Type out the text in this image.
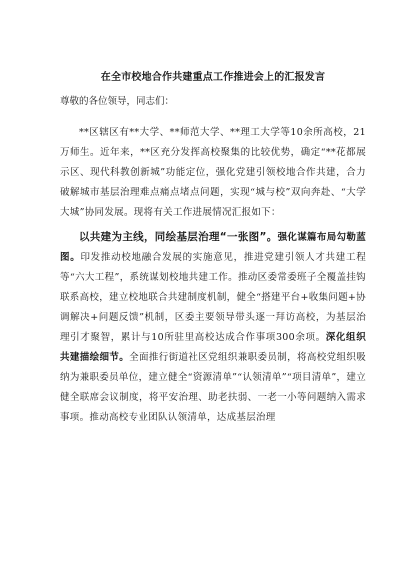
在全市校地合作共建重点工作推进会上的汇报发言
尊敬的各位领导，同志们：

**区辖区有**大学、**师范大学、**理工大学等10余所高校，21万师生。近年来，**区充分发挥高校聚集的比较优势，确定“**花都展示区、现代科教创新城”功能定位，强化党建引领校地合作共建，合力破解城市基层治理难点痛点堵点问题，实现“城与校”双向奔赴、“大学大城”协同发展。现将有关工作进展情况汇报如下：

以共建为主线，同绘基层治理“一张图”。强化谋篇布局勾勒蓝图。印发推动校地融合发展的实施意见，推进党建引领人才共建工程等“六大工程”，系统谋划校地共建工作。推动区委常委班子全覆盖挂钩联系高校，建立校地联合共建制度机制，健全“搭建平台+收集问题+协调解决+问题反馈”机制，区委主要领导带头逐一拜访高校，为基层治理引才聚智，累计与10所驻里高校达成合作事项300余项。深化组织共建描绘细节。全面推行街道社区党组织兼职委员制，将高校党组织吸纳为兼职委员单位，建立健全“资源清单”“认领清单”“项目清单”，建立健全联席会议制度，将平安治理、助老扶弱、一老一小等问题纳入需求事项。推动高校专业团队认领清单，达成基层治理
